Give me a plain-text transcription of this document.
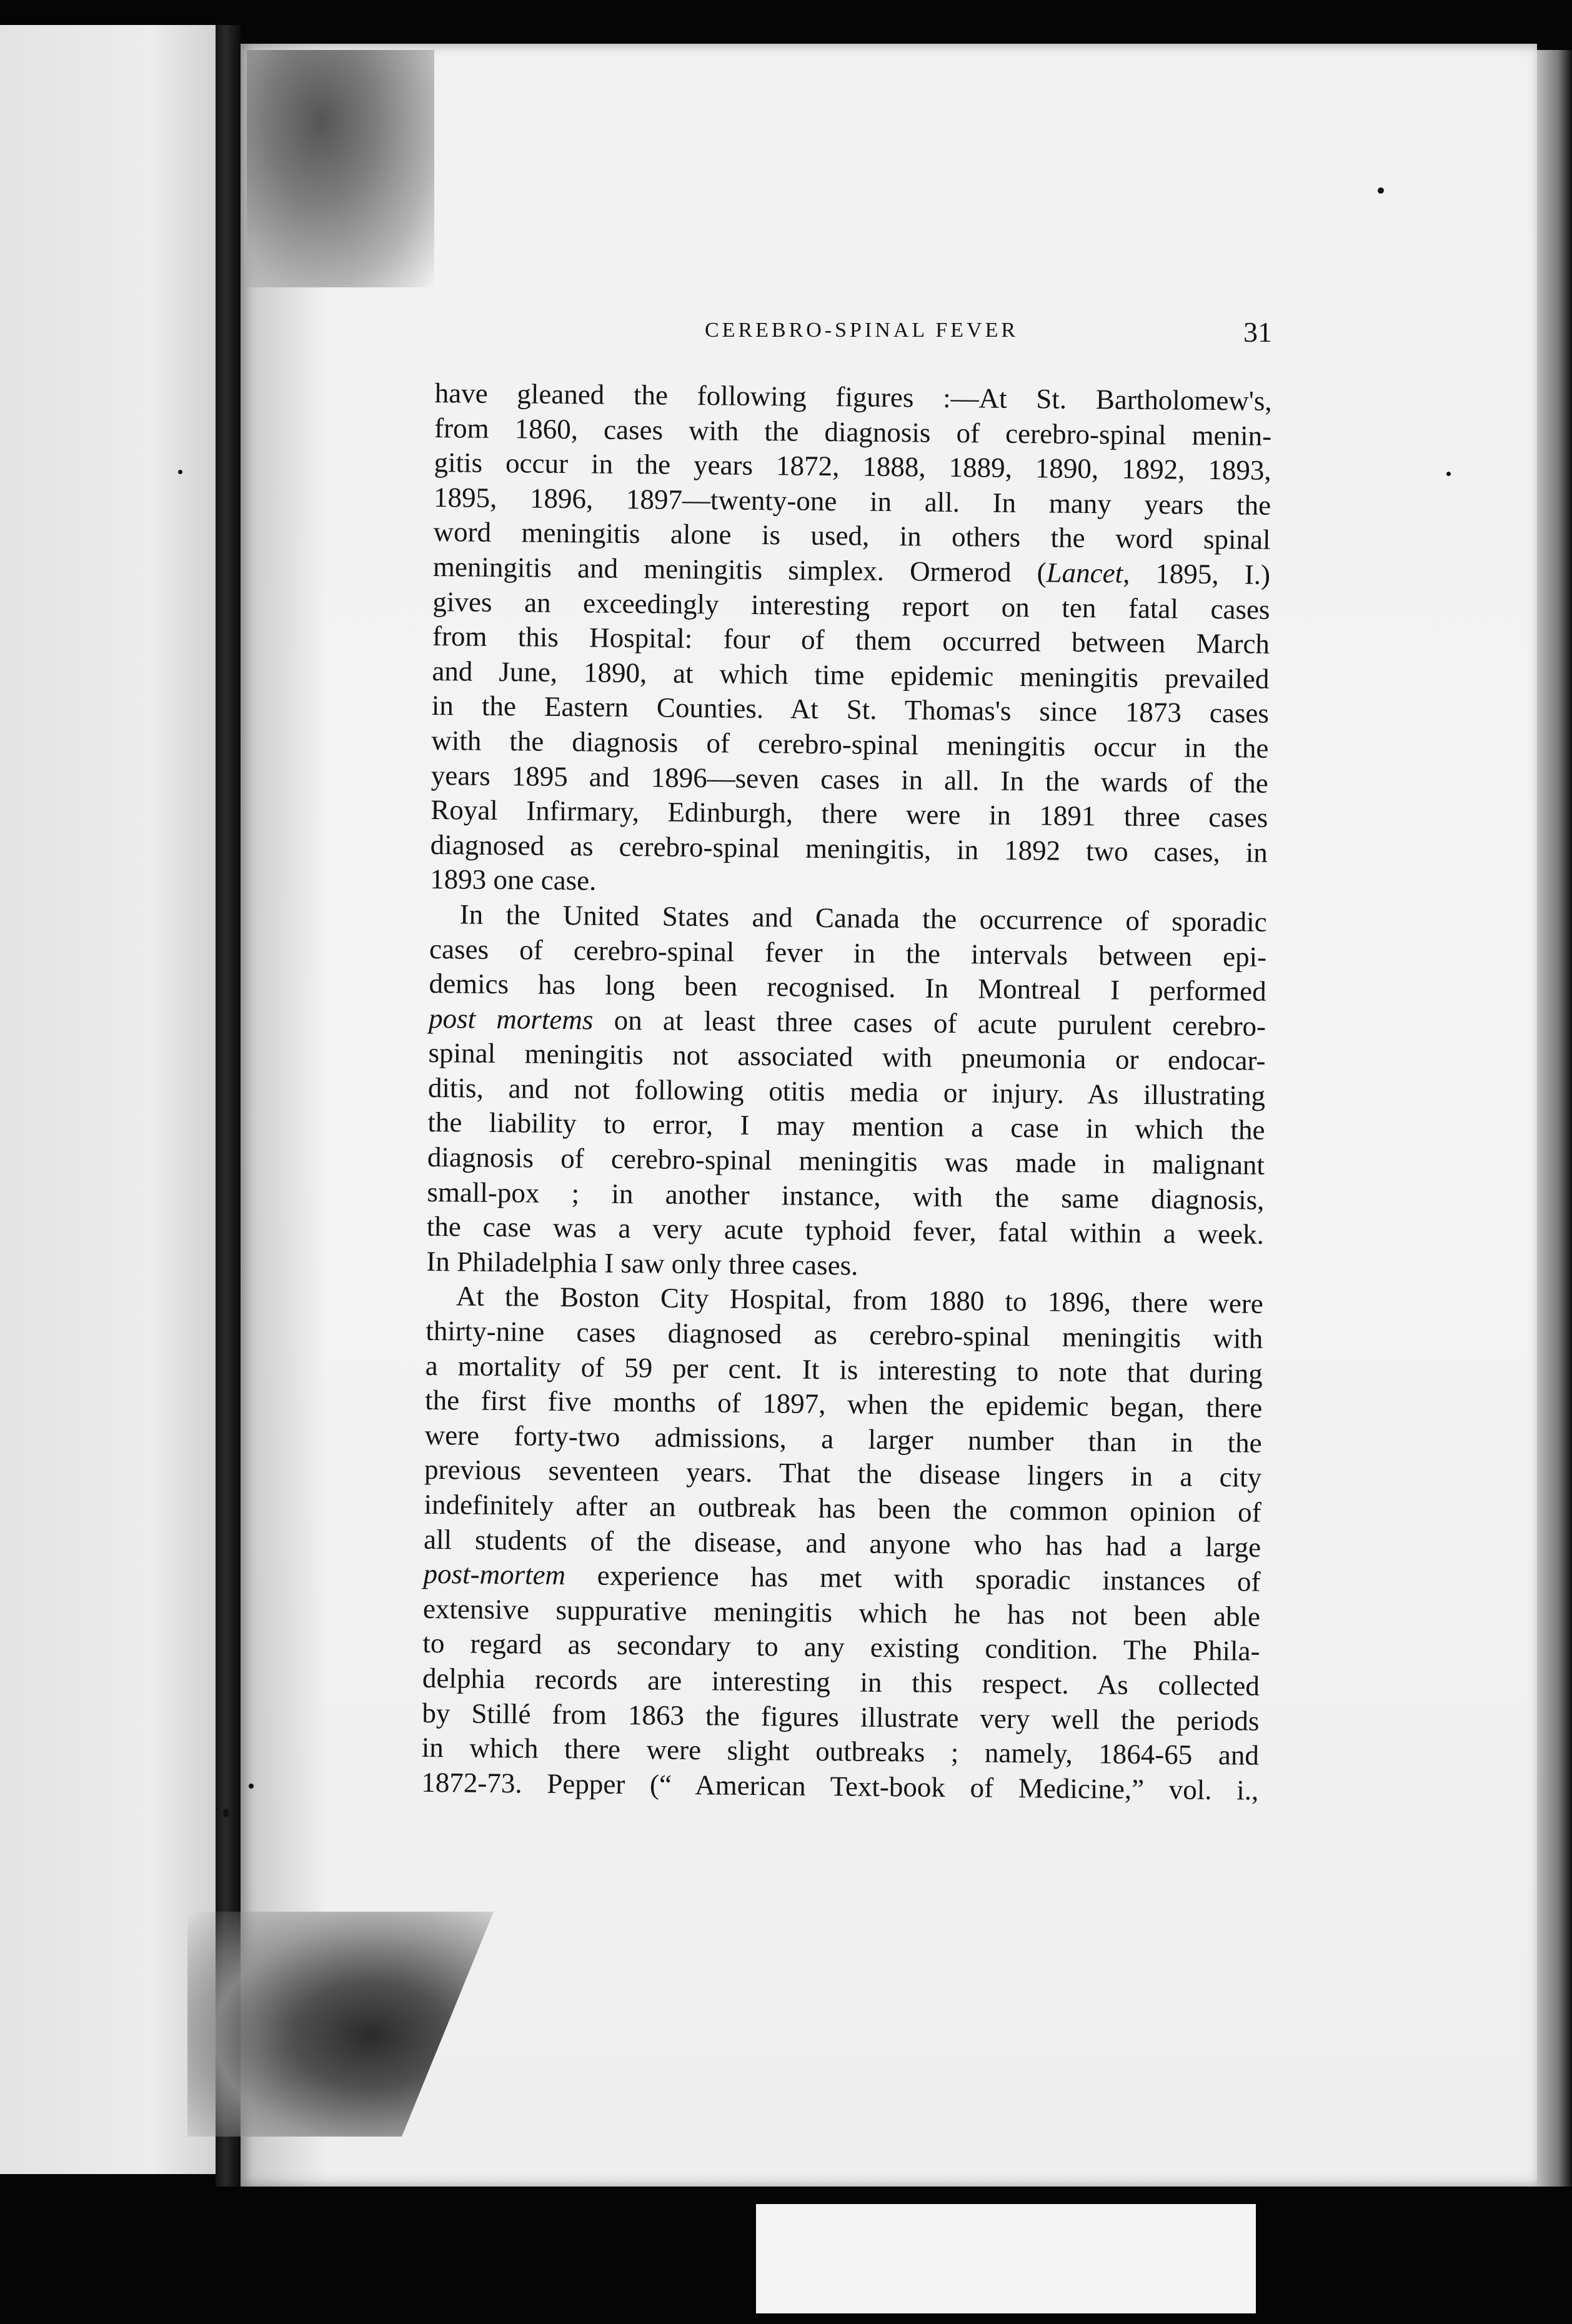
CEREBRO-SPINAL FEVER	31
have gleaned the following figures :—At St. Bartholomew's,
from 1860, cases with the diagnosis of cerebro-spinal menin-
gitis occur in the years 1872, 1888, 1889, 1890, 1892, 1893,
1895, 1896, 1897—twenty-one in all. In many years the
word meningitis alone is used, in others the word spinal
meningitis and meningitis simplex. Ormerod (Lancet, 1895, I.)
gives an exceedingly interesting report on ten fatal cases
from this Hospital: four of them occurred between March
and June, 1890, at which time epidemic meningitis prevailed
in the Eastern Counties. At St. Thomas's since 1873 cases
with the diagnosis of cerebro-spinal meningitis occur in the
years 1895 and 1896—seven cases in all. In the wards of the
Royal Infirmary, Edinburgh, there were in 1891 three cases
diagnosed as cerebro-spinal meningitis, in 1892 two cases, in
1893 one case.
In the United States and Canada the occurrence of sporadic
cases of cerebro-spinal fever in the intervals between epi-
demics has long been recognised. In Montreal I performed
post mortems on at least three cases of acute purulent cerebro-
spinal meningitis not associated with pneumonia or endocar-
ditis, and not following otitis media or injury. As illustrating
the liability to error, I may mention a case in which the
diagnosis of cerebro-spinal meningitis was made in malignant
small-pox ; in another instance, with the same diagnosis,
the case was a very acute typhoid fever, fatal within a week.
In Philadelphia I saw only three cases.
At the Boston City Hospital, from 1880 to 1896, there were
thirty-nine cases diagnosed as cerebro-spinal meningitis with
a mortality of 59 per cent. It is interesting to note that during
the first five months of 1897, when the epidemic began, there
were forty-two admissions, a larger number than in the
previous seventeen years. That the disease lingers in a city
indefinitely after an outbreak has been the common opinion of
all students of the disease, and anyone who has had a large
post-mortem experience has met with sporadic instances of
extensive suppurative meningitis which he has not been able
to regard as secondary to any existing condition. The Phila-
delphia records are interesting in this respect. As collected
by Stillé from 1863 the figures illustrate very well the periods
in which there were slight outbreaks ; namely, 1864-65 and
1872-73. Pepper (“ American Text-book of Medicine,” vol. i.,
